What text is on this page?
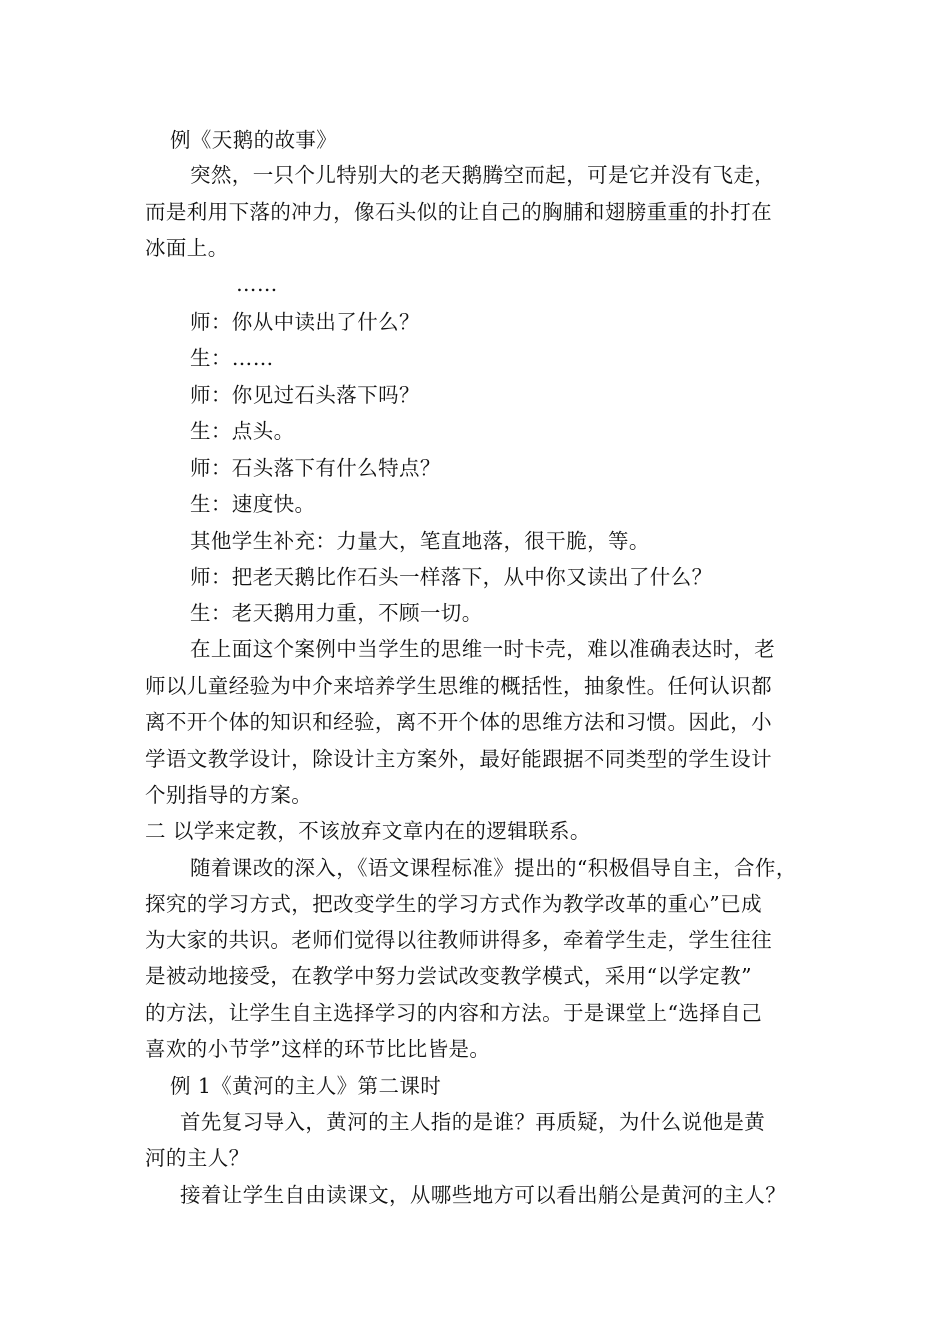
例《天鹅的故事》
突然，一只个儿特别大的老天鹅腾空而起，可是它并没有飞走，
而是利用下落的冲力，像石头似的让自己的胸脯和翅膀重重的扑打在
冰面上。
……
师：你从中读出了什么？
生：……
师：你见过石头落下吗？
生：点头。
师：石头落下有什么特点？
生：速度快。
其他学生补充：力量大，笔直地落，很干脆，等。
师：把老天鹅比作石头一样落下，从中你又读出了什么？
生：老天鹅用力重，不顾一切。
在上面这个案例中当学生的思维一时卡壳，难以准确表达时，老
师以儿童经验为中介来培养学生思维的概括性，抽象性。任何认识都
离不开个体的知识和经验，离不开个体的思维方法和习惯。因此，小
学语文教学设计，除设计主方案外，最好能跟据不同类型的学生设计
个别指导的方案。
二 以学来定教，不该放弃文章内在的逻辑联系。
随着课改的深入，《语文课程标准》提出的“积极倡导自主，合作，
探究的学习方式，把改变学生的学习方式作为教学改革的重心”已成
为大家的共识。老师们觉得以往教师讲得多，牵着学生走，学生往往
是被动地接受，在教学中努力尝试改变教学模式，采用“以学定教”
的方法，让学生自主选择学习的内容和方法。于是课堂上“选择自己
喜欢的小节学”这样的环节比比皆是。
例 1《黄河的主人》第二课时
首先复习导入，黄河的主人指的是谁？再质疑，为什么说他是黄
河的主人？
接着让学生自由读课文，从哪些地方可以看出艄公是黄河的主人？
